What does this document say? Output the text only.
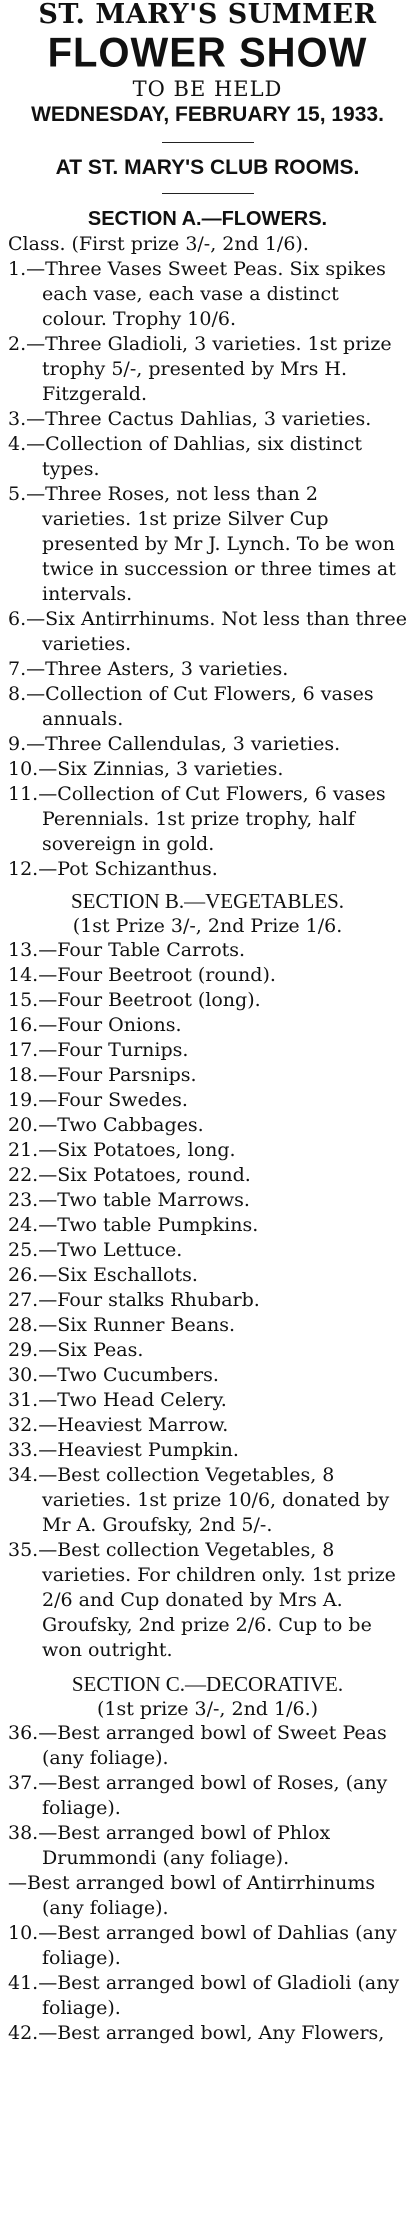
ST. MARY'S SUMMER
FLOWER SHOW
TO BE HELD
WEDNESDAY, FEBRUARY 15, 1933.
AT ST. MARY'S CLUB ROOMS.
SECTION A.—FLOWERS.
Class. (First prize 3/-, 2nd 1/6).

1.—Three Vases Sweet Peas. Six spikes each vase, each vase a distinct colour. Trophy 10/6.

2.—Three Gladioli, 3 varieties. 1st prize trophy 5/-, presented by Mrs H. Fitzgerald.

3.—Three Cactus Dahlias, 3 varieties.

4.—Collection of Dahlias, six distinct types.

5.—Three Roses, not less than 2 varieties. 1st prize Silver Cup presented by Mr J. Lynch. To be won twice in succession or three times at intervals.

6.—Six Antirrhinums. Not less than three varieties.

7.—Three Asters, 3 varieties.

8.—Collection of Cut Flowers, 6 vases annuals.

9.—Three Callendulas, 3 varieties.

10.—Six Zinnias, 3 varieties.

11.—Collection of Cut Flowers, 6 vases Perennials. 1st prize trophy, half sovereign in gold.

12.—Pot Schizanthus.

SECTION B.—VEGETABLES.
(1st Prize 3/-, 2nd Prize 1/6.

13.—Four Table Carrots.

14.—Four Beetroot (round).

15.—Four Beetroot (long).

16.—Four Onions.

17.—Four Turnips.

18.—Four Parsnips.

19.—Four Swedes.

20.—Two Cabbages.

21.—Six Potatoes, long.

22.—Six Potatoes, round.

23.—Two table Marrows.

24.—Two table Pumpkins.

25.—Two Lettuce.

26.—Six Eschallots.

27.—Four stalks Rhubarb.

28.—Six Runner Beans.

29.—Six Peas.

30.—Two Cucumbers.

31.—Two Head Celery.

32.—Heaviest Marrow.

33.—Heaviest Pumpkin.

34.—Best collection Vegetables, 8 varieties. 1st prize 10/6, donated by Mr A. Groufsky, 2nd 5/-.

35.—Best collection Vegetables, 8 varieties. For children only. 1st prize 2/6 and Cup donated by Mrs A. Groufsky, 2nd prize 2/6. Cup to be won outright.

SECTION C.—DECORATIVE.
(1st prize 3/-, 2nd 1/6.)

36.—Best arranged bowl of Sweet Peas (any foliage).

37.—Best arranged bowl of Roses, (any foliage).

38.—Best arranged bowl of Phlox Drummondi (any foliage).

—Best arranged bowl of Antirrhinums (any foliage).

10.—Best arranged bowl of Dahlias (any foliage).

41.—Best arranged bowl of Gladioli (any foliage).

42.—Best arranged bowl, Any Flowers,
